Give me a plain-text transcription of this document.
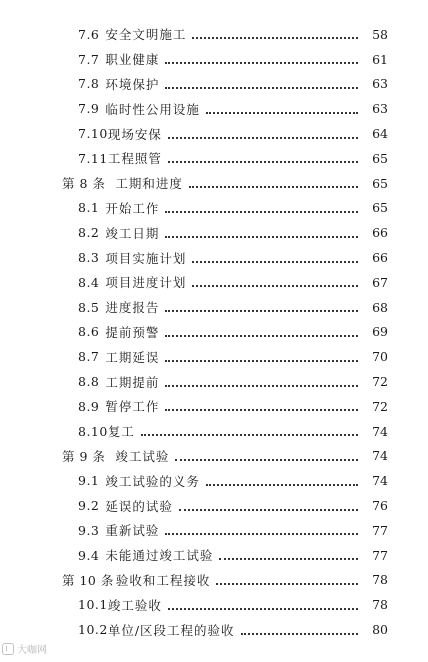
7.6 安全文明施工	58
7.7 职业健康	61
7.8 环境保护	63
7.9 临时性公用设施	63
7.10 现场安保	64
7.11 工程照管	65
第 8 条 工期和进度	65
8.1 开始工作	65
8.2 竣工日期	66
8.3 项目实施计划	66
8.4 项目进度计划	67
8.5 进度报告	68
8.6 提前预警	69
8.7 工期延误	70
8.8 工期提前	72
8.9 暂停工作	72
8.10 复工	74
第 9 条 竣工试验	74
9.1 竣工试验的义务	74
9.2 延误的试验	76
9.3 重新试验	77
9.4 未能通过竣工试验	77
第 10 条 验收和工程接收	78
10.1 竣工验收	78
10.2 单位/区段工程的验收	80
大咖网
